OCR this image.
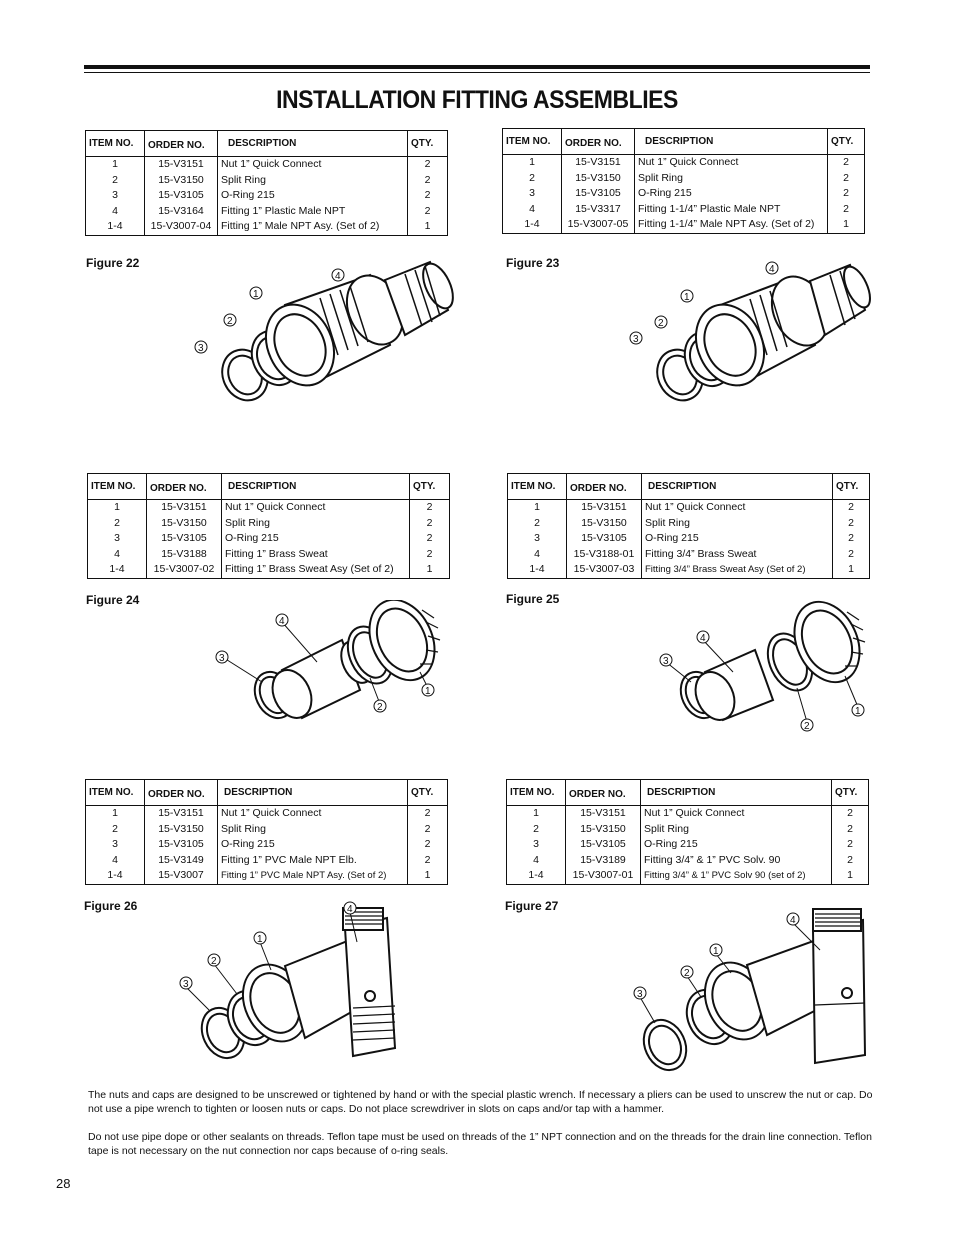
INSTALLATION FITTING ASSEMBLIES
ITEM NO.	ORDER NO.	DESCRIPTION	QTY.
1	15-V3151	Nut 1” Quick Connect	2
2	15-V3150	Split Ring	2
3	15-V3105	O-Ring 215	2
4	15-V3164	Fitting 1” Plastic Male NPT	2
1-4	15-V3007-04	Fitting 1” Male NPT Asy. (Set of 2)	1
ITEM NO.	ORDER NO.	DESCRIPTION	QTY.
1	15-V3151	Nut 1” Quick Connect	2
2	15-V3150	Split Ring	2
3	15-V3105	O-Ring 215	2
4	15-V3317	Fitting 1-1/4” Plastic Male NPT	2
1-4	15-V3007-05	Fitting 1-1/4” Male NPT Asy. (Set of 2)	1
Figure 22	Figure 23
1
2
3
4
1
2
3
4
ITEM NO.	ORDER NO.	DESCRIPTION	QTY.
1	15-V3151	Nut 1” Quick Connect	2
2	15-V3150	Split Ring	2
3	15-V3105	O-Ring 215	2
4	15-V3188	Fitting 1” Brass Sweat	2
1-4	15-V3007-02	Fitting 1” Brass Sweat Asy (Set of 2)	1
ITEM NO.	ORDER NO.	DESCRIPTION	QTY.
1	15-V3151	Nut 1” Quick Connect	2
2	15-V3150	Split Ring	2
3	15-V3105	O-Ring 215	2
4	15-V3188-01	Fitting 3/4” Brass Sweat	2
1-4	15-V3007-03	Fitting 3/4” Brass Sweat Asy (Set of 2)	1
Figure 24	Figure 25
4
3
2
1
4
3
2
1
ITEM NO.	ORDER NO.	DESCRIPTION	QTY.
1	15-V3151	Nut 1” Quick Connect	2
2	15-V3150	Split Ring	2
3	15-V3105	O-Ring 215	2
4	15-V3149	Fitting 1” PVC Male NPT Elb.	2
1-4	15-V3007	Fitting 1” PVC Male NPT Asy. (Set of 2)	1
ITEM NO.	ORDER NO.	DESCRIPTION	QTY.
1	15-V3151	Nut 1” Quick Connect	2
2	15-V3150	Split Ring	2
3	15-V3105	O-Ring 215	2
4	15-V3189	Fitting 3/4” & 1” PVC Solv. 90	2
1-4	15-V3007-01	Fitting 3/4” & 1” PVC Solv 90 (set of 2)	1
Figure 26	Figure 27
4
1
2
3
4
1
2
3

The nuts and caps are designed to be unscrewed or tightened by hand or with the special plastic wrench. If necessary a pliers can be used to unscrew the nut or cap. Do not use a pipe wrench to tighten or loosen nuts or caps. Do not place screwdriver in slots on caps and/or tap with a hammer.

Do not use pipe dope or other sealants on threads. Teflon tape must be used on threads of the 1” NPT connection and on the threads for the drain line connection. Teflon tape is not necessary on the nut connection nor caps because of o-ring seals.

28
